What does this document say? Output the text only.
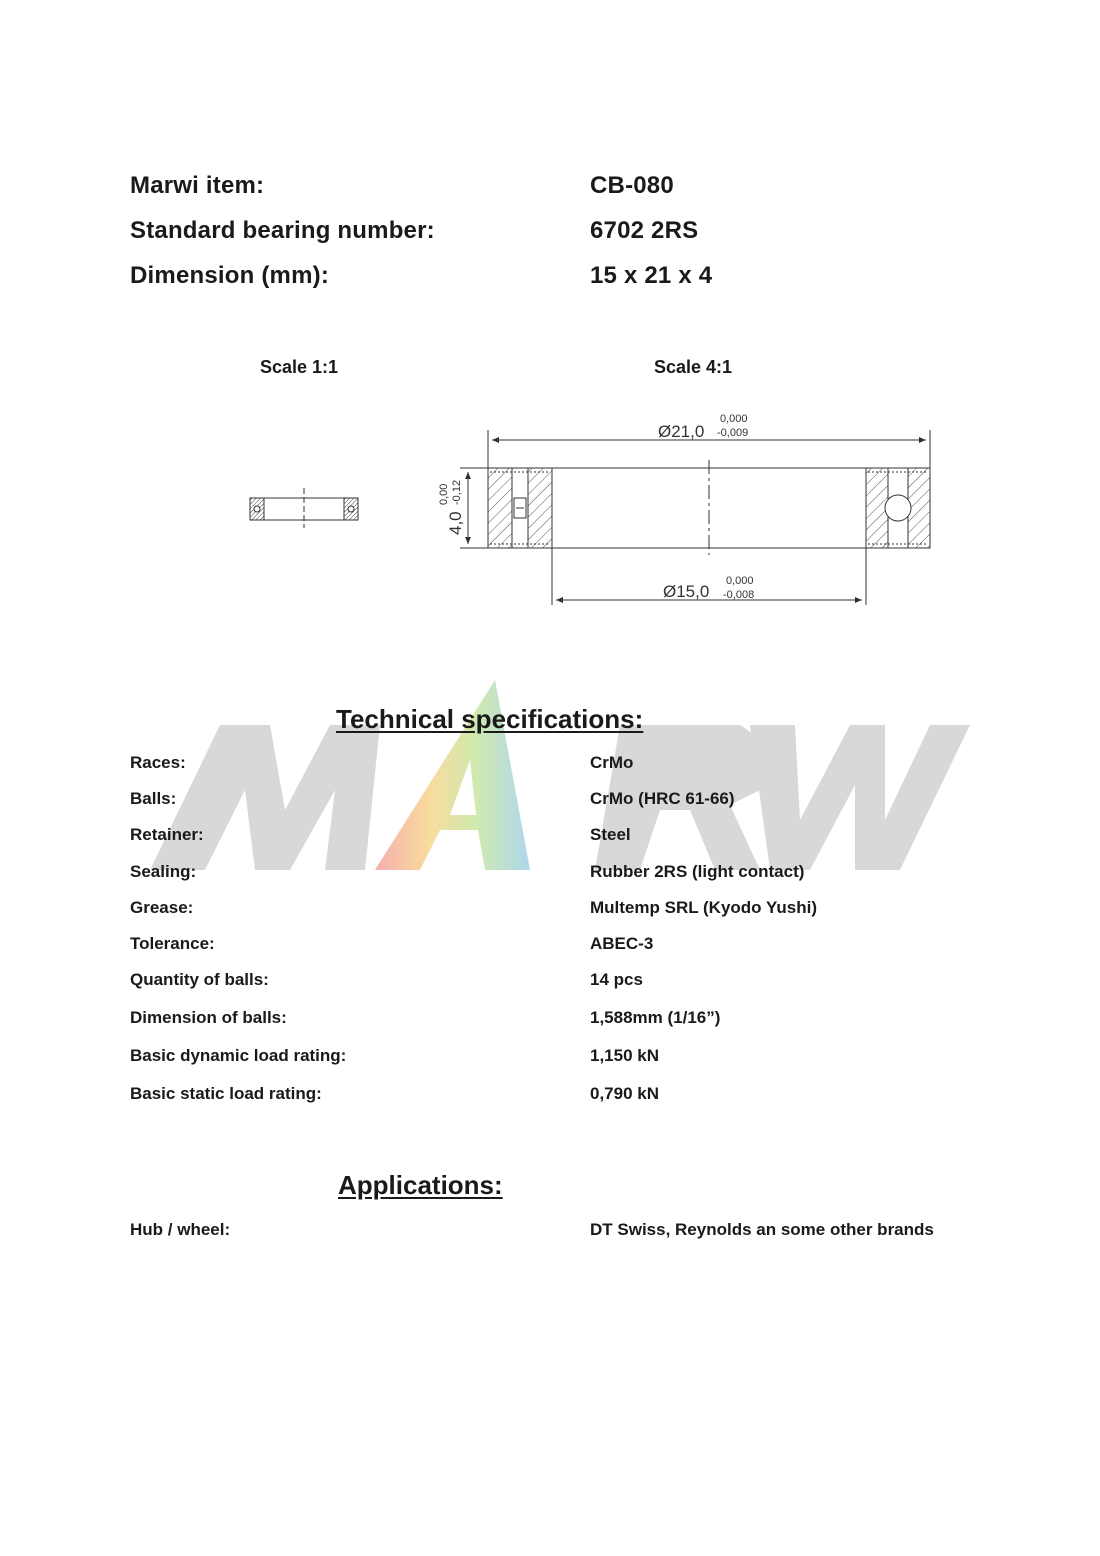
Marwi item:	CB-080
Standard bearing number:	6702 2RS
Dimension (mm):	15 x 21 x 4
Scale 1:1	Scale 4:1
Ø21,0
0,000
-0,009
4,0
0,00 -0,12
Ø15,0
0,000
-0,008
Technical specifications:
Races:	CrMo
Balls:	CrMo (HRC 61-66)
Retainer:	Steel
Sealing:	Rubber 2RS (light contact)
Grease:	Multemp SRL (Kyodo Yushi)
Tolerance:	ABEC-3
Quantity of balls:	14 pcs
Dimension of balls:	1,588mm (1/16”)
Basic dynamic load rating:	1,150 kN
Basic static load rating:	0,790 kN
Applications:
Hub / wheel:	DT Swiss, Reynolds an some other brands
